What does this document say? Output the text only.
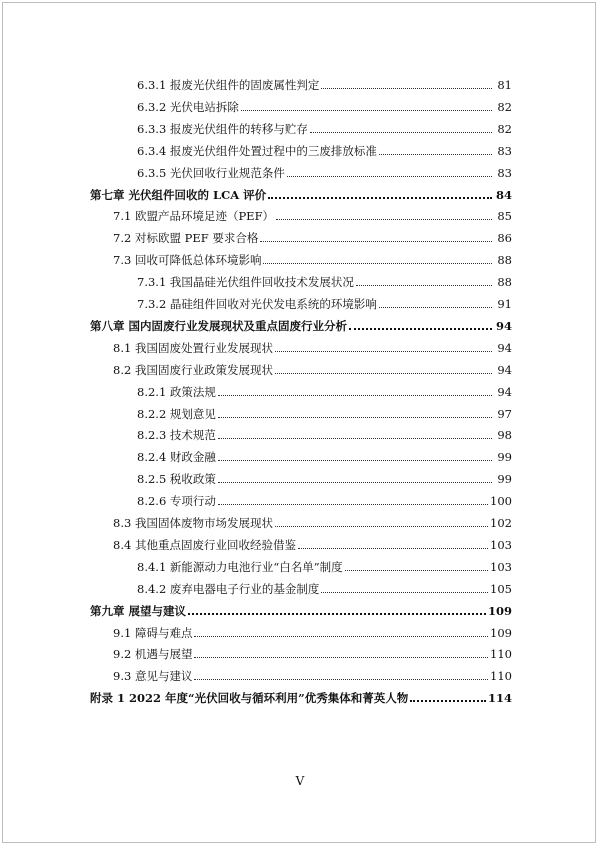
6.3.1 报废光伏组件的固废属性判定	81
6.3.2 光伏电站拆除	82
6.3.3 报废光伏组件的转移与贮存	82
6.3.4 报废光伏组件处置过程中的三废排放标准	83
6.3.5 光伏回收行业规范条件	83
第七章 光伏组件回收的 LCA 评价	84
7.1 欧盟产品环境足迹（PEF）	85
7.2 对标欧盟 PEF 要求合格	86
7.3 回收可降低总体环境影响	88
7.3.1 我国晶硅光伏组件回收技术发展状况	88
7.3.2 晶硅组件回收对光伏发电系统的环境影响	91
第八章 国内固废行业发展现状及重点固废行业分析	94
8.1 我国固废处置行业发展现状	94
8.2 我国固废行业政策发展现状	94
8.2.1 政策法规	94
8.2.2 规划意见	97
8.2.3 技术规范	98
8.2.4 财政金融	99
8.2.5 税收政策	99
8.2.6 专项行动	100
8.3 我国固体废物市场发展现状	102
8.4 其他重点固废行业回收经验借鉴	103
8.4.1 新能源动力电池行业“白名单”制度	103
8.4.2 废弃电器电子行业的基金制度	105
第九章 展望与建议	109
9.1 障碍与难点	109
9.2 机遇与展望	110
9.3 意见与建议	110
附录 1 2022 年度“光伏回收与循环利用”优秀集体和菁英人物	114
V
